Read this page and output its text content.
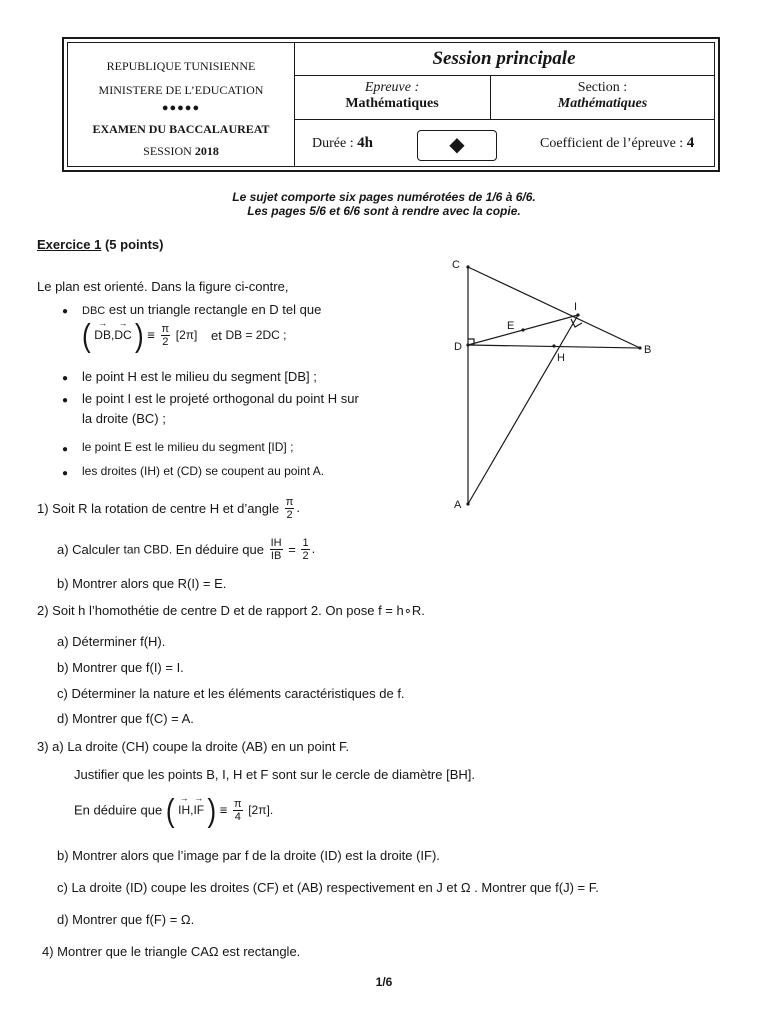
REPUBLIQUE TUNISIENNE
MINISTERE DE L’EDUCATION
●●●●●
EXAMEN DU BACCALAUREAT
SESSION 2018
Session principale
Epreuve :
Mathématiques
Section :
Mathématiques
Durée : 4h	◆	Coefficient de l’épreuve : 4
Le sujet comporte six pages numérotées de 1/6 à 6/6.
Les pages 5/6 et 6/6 sont à rendre avec la copie.
Exercice 1 (5 points)
Le plan est orienté. Dans la figure ci-contre,
● DBC est un triangle rectangle en D tel que
( → DB,→ DC ) ≡ $\frac{\pi}{2} [2\pi]$ et DB = 2DC ;
● le point H est le milieu du segment [DB] ;
● le point I est le projeté orthogonal du point H sur
la droite (BC) ;
● le point E est le milieu du segment [ID] ;
● les droites (IH) et (CD) se coupent au point A.
1) Soit R la rotation de centre H et d’angle $\frac{\pi}{2}$ .
a) Calculer tan CBD. En déduire que $\frac{IH}{IB} = \frac{1}{2}$ .
b) Montrer alors que R(I) = E.
2) Soit h l’homothétie de centre D et de rapport 2. On pose f = h∘R.
a) Déterminer f(H).
b) Montrer que f(I) = I.
c) Déterminer la nature et les éléments caractéristiques de f.
d) Montrer que f(C) = A.
3) a) La droite (CH) coupe la droite (AB) en un point F.
Justifier que les points B, I, H et F sont sur le cercle de diamètre [BH].
En déduire que ( → IH,→ IF ) ≡ $\frac{\pi}{4} [2\pi]$.
b) Montrer alors que l’image par f de la droite (ID) est la droite (IF).
c) La droite (ID) coupe les droites (CF) et (AB) respectivement en J et Ω . Montrer que f(J) = F.
d) Montrer que f(F) = Ω.
4) Montrer que le triangle CAΩ est rectangle.
1/6
C
D
A
B
H
I
E
